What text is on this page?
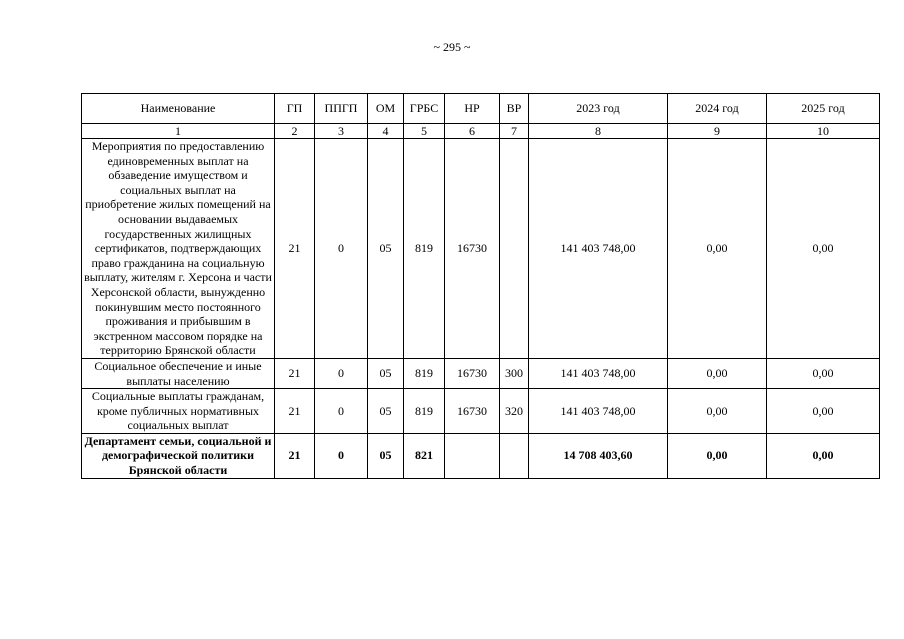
~ 295 ~
Наименование	ГП	ППГП	ОМ	ГРБС	НР	ВР	2023 год	2024 год	2025 год
1	2	3	4	5	6	7	8	9	10
Мероприятия по предоставлению единовременных выплат на обзаведение имуществом и социальных выплат на приобретение жилых помещений на основании выдаваемых государственных жилищных сертификатов, подтверждающих право гражданина на социальную выплату, жителям г. Херсона и части Херсонской области, вынужденно покинувшим место постоянного проживания и прибывшим в экстренном массовом порядке на территорию Брянской области	21	0	05	819	16730		141 403 748,00	0,00	0,00
Социальное обеспечение и иные выплаты населению	21	0	05	819	16730	300	141 403 748,00	0,00	0,00
Социальные выплаты гражданам, кроме публичных нормативных социальных выплат	21	0	05	819	16730	320	141 403 748,00	0,00	0,00
Департамент семьи, социальной и демографической политики Брянской области	21	0	05	821			14 708 403,60	0,00	0,00
